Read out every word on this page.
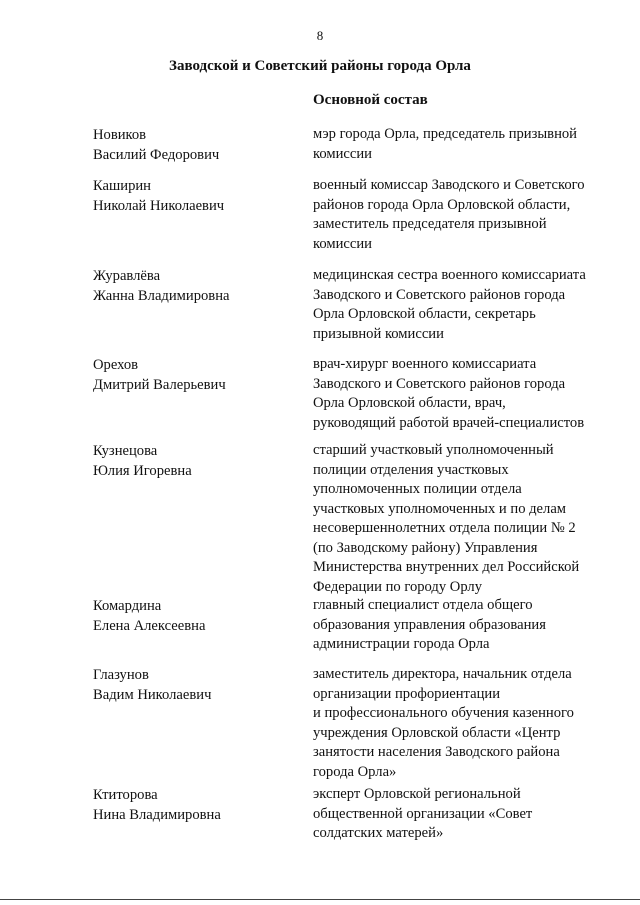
8
Заводской и Советский районы города Орла
Основной состав
Новиков
Василий Федорович
мэр города Орла, председатель призывной
комиссии
Каширин
Николай Николаевич
военный комиссар Заводского и Советского
районов города Орла Орловской области,
заместитель председателя призывной
комиссии
Журавлёва
Жанна Владимировна
медицинская сестра военного комиссариата
Заводского и Советского районов города
Орла Орловской области, секретарь
призывной комиссии
Орехов
Дмитрий Валерьевич
врач-хирург военного комиссариата
Заводского и Советского районов города
Орла Орловской области, врач,
руководящий работой врачей-специалистов
Кузнецова
Юлия Игоревна
старший участковый уполномоченный
полиции отделения участковых
уполномоченных полиции отдела
участковых уполномоченных и по делам
несовершеннолетних отдела полиции № 2
(по Заводскому району) Управления
Министерства внутренних дел Российской
Федерации по городу Орлу
Комардина
Елена Алексеевна
главный специалист отдела общего
образования управления образования
администрации города Орла
Глазунов
Вадим Николаевич
заместитель директора, начальник отдела
организации профориентации
и профессионального обучения казенного
учреждения Орловской области «Центр
занятости населения Заводского района
города Орла»
Ктиторова
Нина Владимировна
эксперт Орловской региональной
общественной организации «Совет
солдатских матерей»
